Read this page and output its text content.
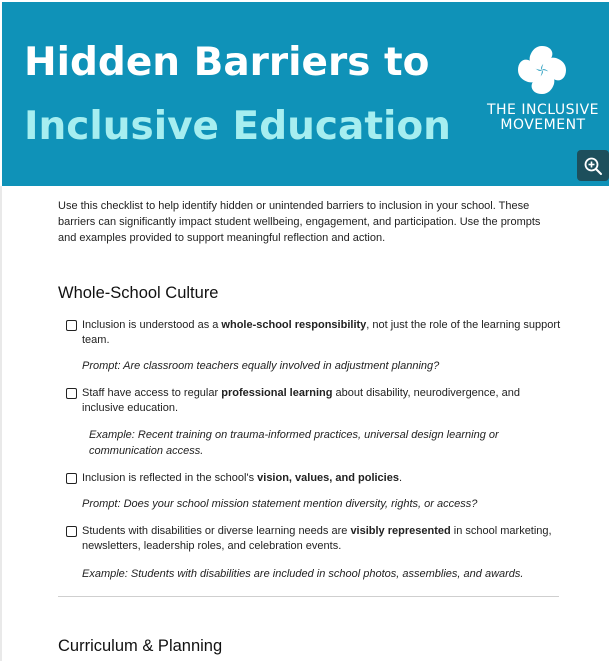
Hidden Barriers to
Inclusive Education	THE INCLUSIVE
MOVEMENT
Use this checklist to help identify hidden or unintended barriers to inclusion in your school. These barriers can significantly impact student wellbeing, engagement, and participation. Use the prompts and examples provided to support meaningful reflection and action.
Whole-School Culture
Inclusion is understood as a whole-school responsibility, not just the role of the learning support team.
Prompt: Are classroom teachers equally involved in adjustment planning?
Staff have access to regular professional learning about disability, neurodivergence, and inclusive education.
Example: Recent training on trauma-informed practices, universal design learning or communication access.
Inclusion is reflected in the school's vision, values, and policies.
Prompt: Does your school mission statement mention diversity, rights, or access?
Students with disabilities or diverse learning needs are visibly represented in school marketing, newsletters, leadership roles, and celebration events.
Example: Students with disabilities are included in school photos, assemblies, and awards.
Curriculum & Planning
